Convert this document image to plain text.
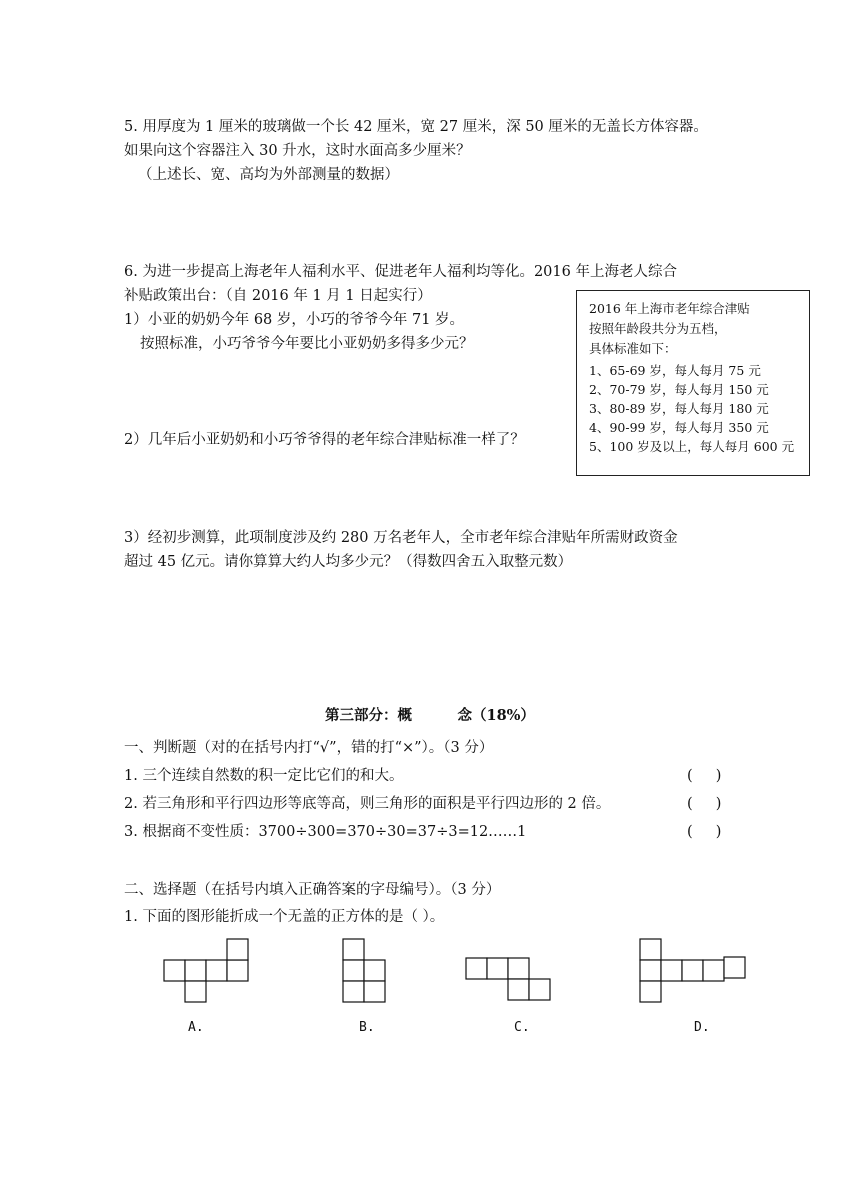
5. 用厚度为 1 厘米的玻璃做一个长 42 厘米，宽 27 厘米，深 50 厘米的无盖长方体容器。
如果向这个容器注入 30 升水，这时水面高多少厘米？
（上述长、宽、高均为外部测量的数据）
6. 为进一步提高上海老年人福利水平、促进老年人福利均等化。2016 年上海老人综合
补贴政策出台：（自 2016 年 1 月 1 日起实行）
1）小亚的奶奶今年 68 岁，小巧的爷爷今年 71 岁。
按照标准，小巧爷爷今年要比小亚奶奶多得多少元？
2）几年后小亚奶奶和小巧爷爷得的老年综合津贴标准一样了？
3）经初步测算，此项制度涉及约 280 万名老年人，全市老年综合津贴年所需财政资金
超过 45 亿元。请你算算大约人均多少元？（得数四舍五入取整元数）
2016 年上海市老年综合津贴
按照年龄段共分为五档，
具体标准如下：
1、65-69 岁，每人每月 75 元
2、70-79 岁，每人每月 150 元
3、80-89 岁，每人每月 180 元
4、90-99 岁，每人每月 350 元
5、100 岁及以上，每人每月 600 元
第三部分：概         念（18%）
一、判断题（对的在括号内打“√”，错的打“×”）。（3 分）
1. 三个连续自然数的积一定比它们的和大。	(     )
2. 若三角形和平行四边形等底等高，则三角形的面积是平行四边形的 2 倍。	(     )
3. 根据商不变性质：3700÷300=370÷30=37÷3=12……1	(     )
二、选择题（在括号内填入正确答案的字母编号）。（3 分）
1. 下面的图形能折成一个无盖的正方体的是（ ）。
A.	B.	C.	D.
